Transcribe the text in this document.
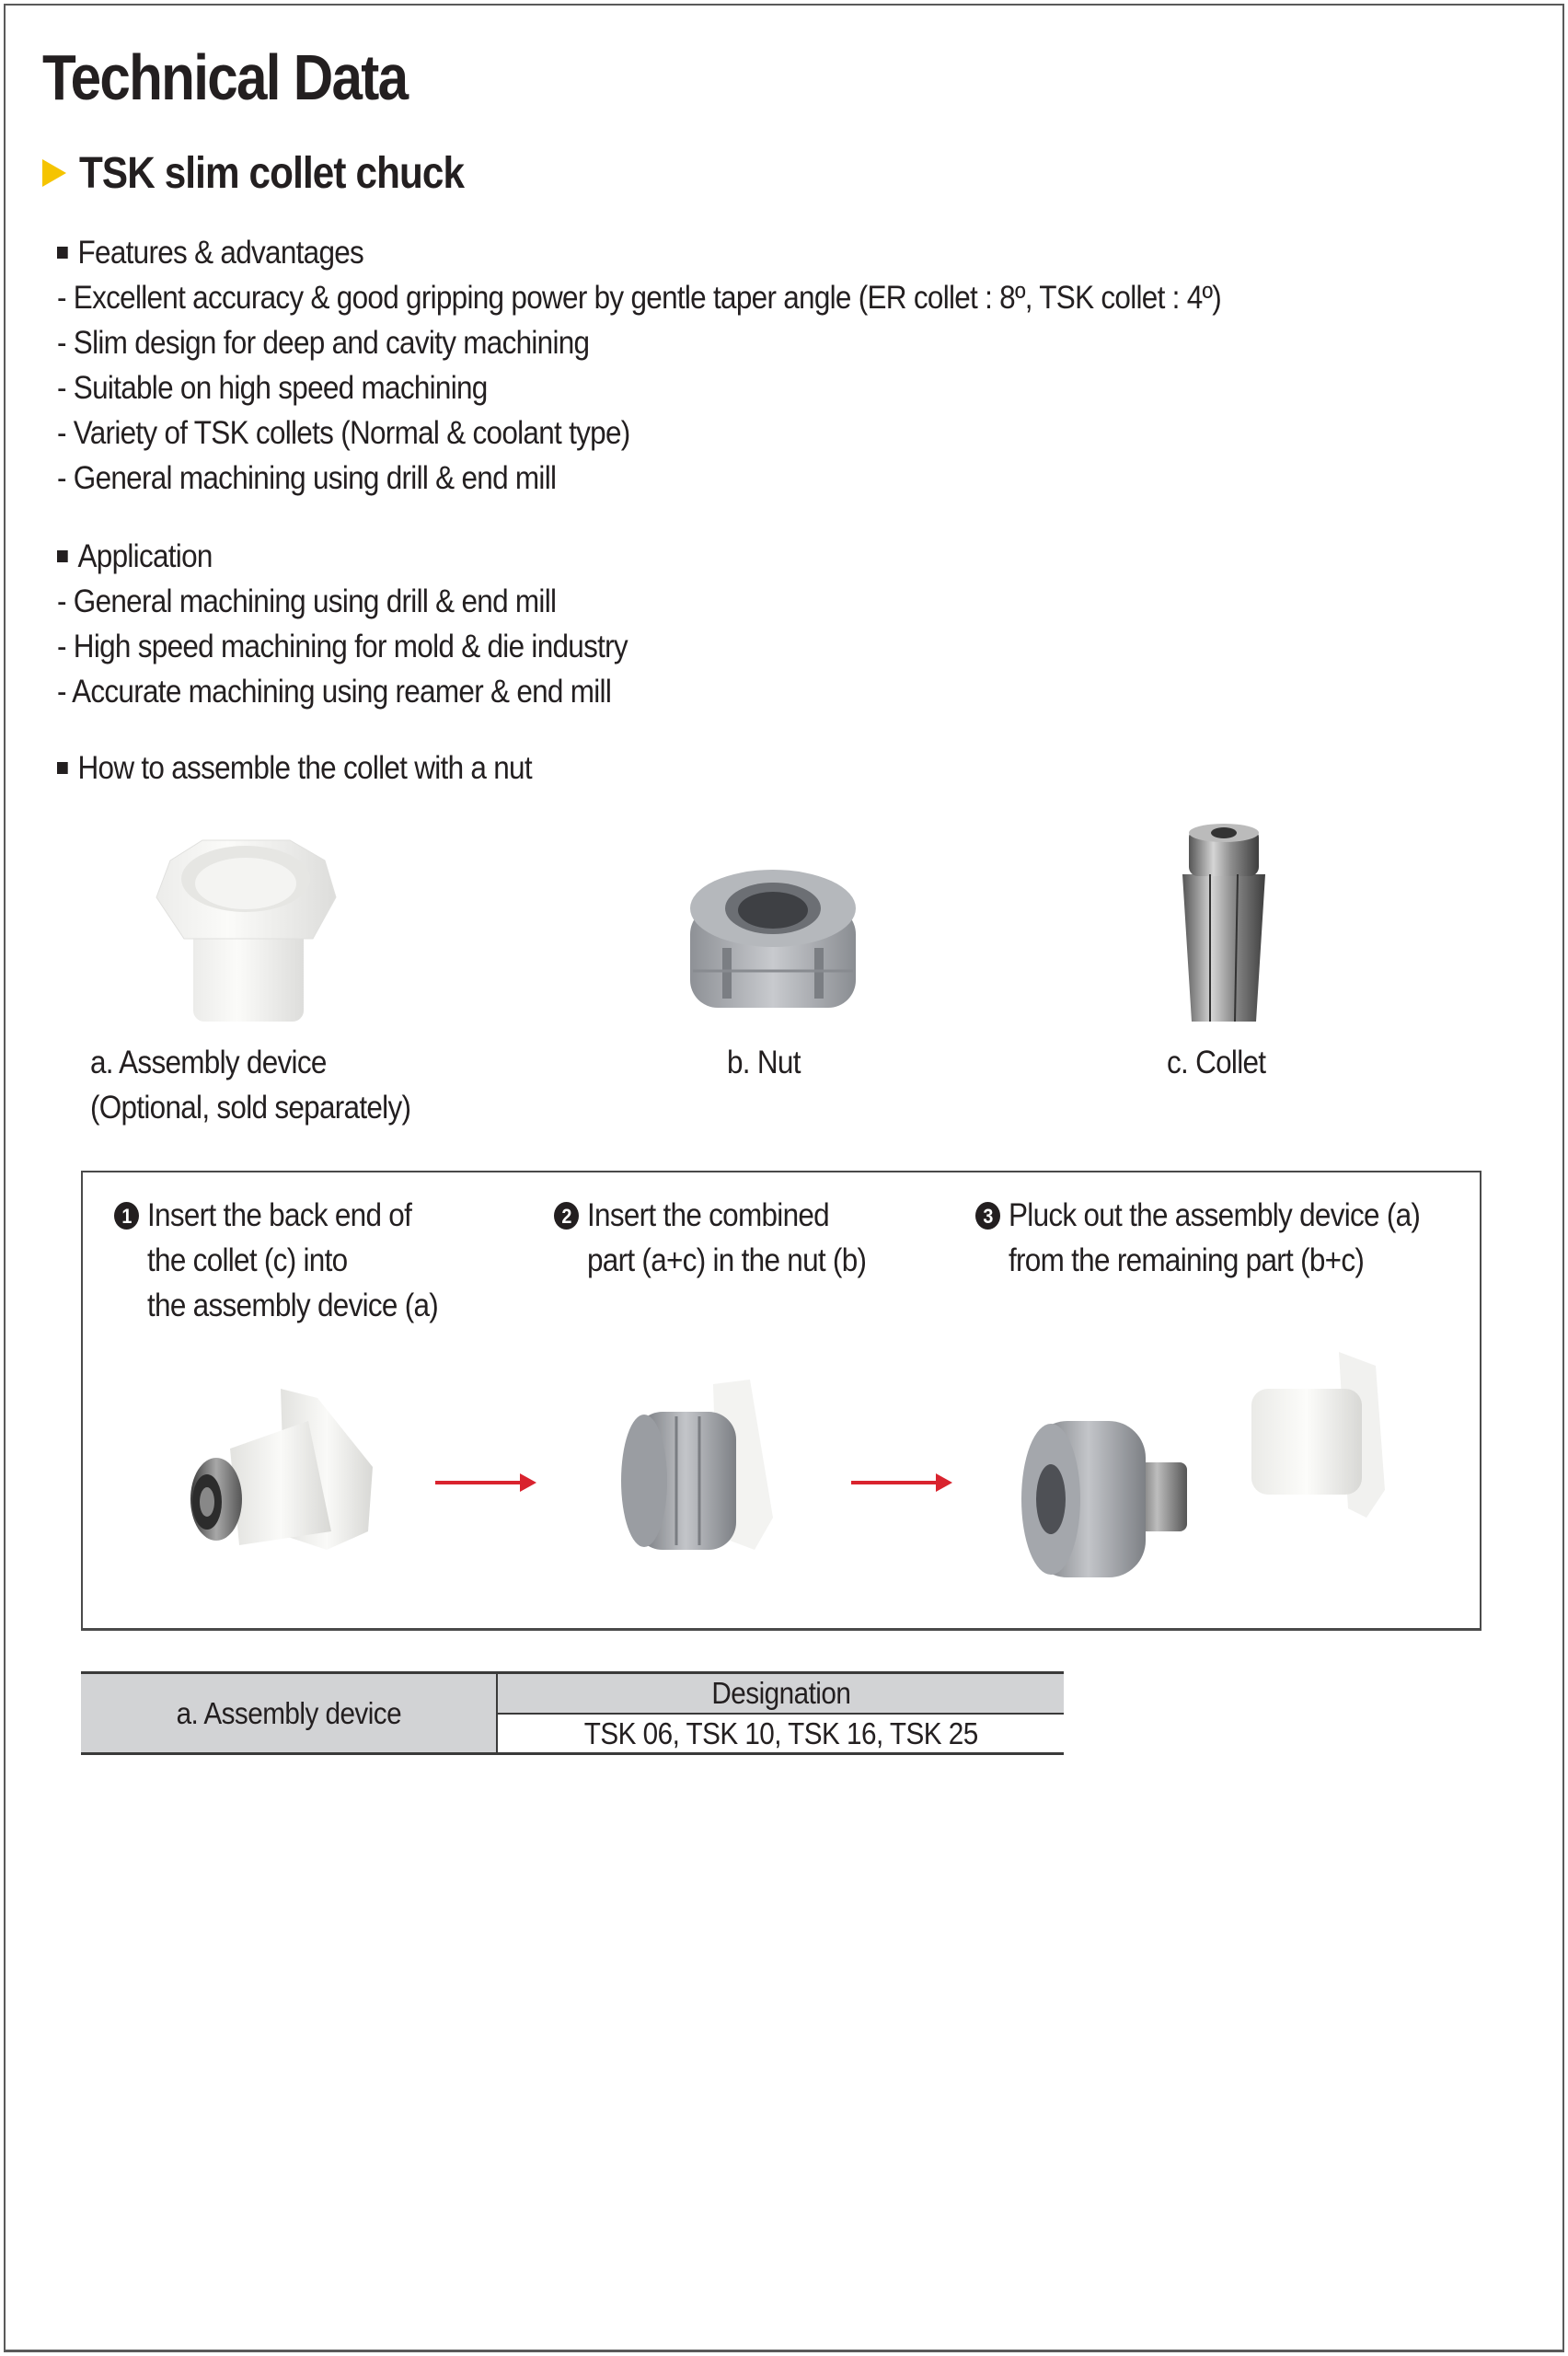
Technical Data
TSK slim collet chuck
Features & advantages
- Excellent accuracy & good gripping power by gentle taper angle (ER collet : 8º, TSK collet : 4º)
- Slim design for deep and cavity machining
- Suitable on high speed machining
- Variety of TSK collets (Normal & coolant type)
- General machining using drill & end mill
Application
- General machining using drill & end mill
- High speed machining for mold & die industry
- Accurate machining using reamer & end mill
How to assemble the collet with a nut
a. Assembly device
(Optional, sold separately)
b. Nut	c. Collet
1 Insert the back end of
the collet (c) into
the assembly device (a)
2 Insert the combined
part (a+c) in the nut (b)
3 Pluck out the assembly device (a)
from the remaining part (b+c)
a. Assembly device
Designation
TSK 06, TSK 10, TSK 16, TSK 25
